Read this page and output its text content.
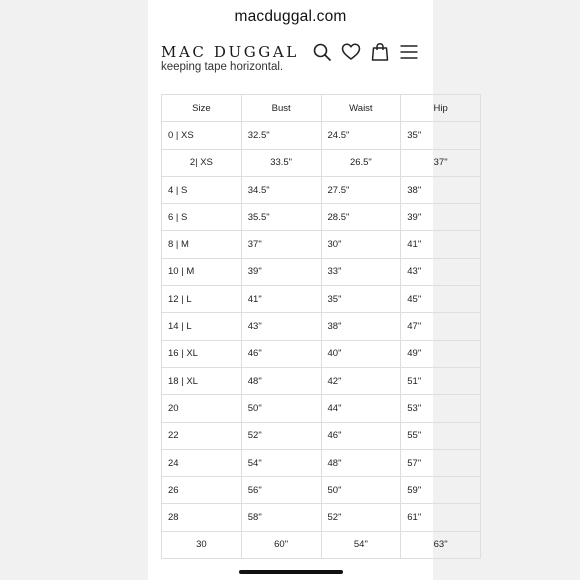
macduggal.com
MAC DUGGAL
keeping tape horizontal.
Size	Bust	Waist	Hip
0 | XS	32.5"	24.5"	35"
2| XS	33.5"	26.5"	37"
4 | S	34.5"	27.5"	38"
6 | S	35.5"	28.5"	39"
8 | M	37"	30"	41"
10 | M	39"	33"	43"
12 | L	41"	35"	45"
14 | L	43"	38"	47"
16 | XL	46"	40"	49"
18 | XL	48"	42"	51"
20	50"	44"	53"
22	52"	46"	55"
24	54"	48"	57"
26	56"	50"	59"
28	58"	52"	61"
30	60"	54"	63"
